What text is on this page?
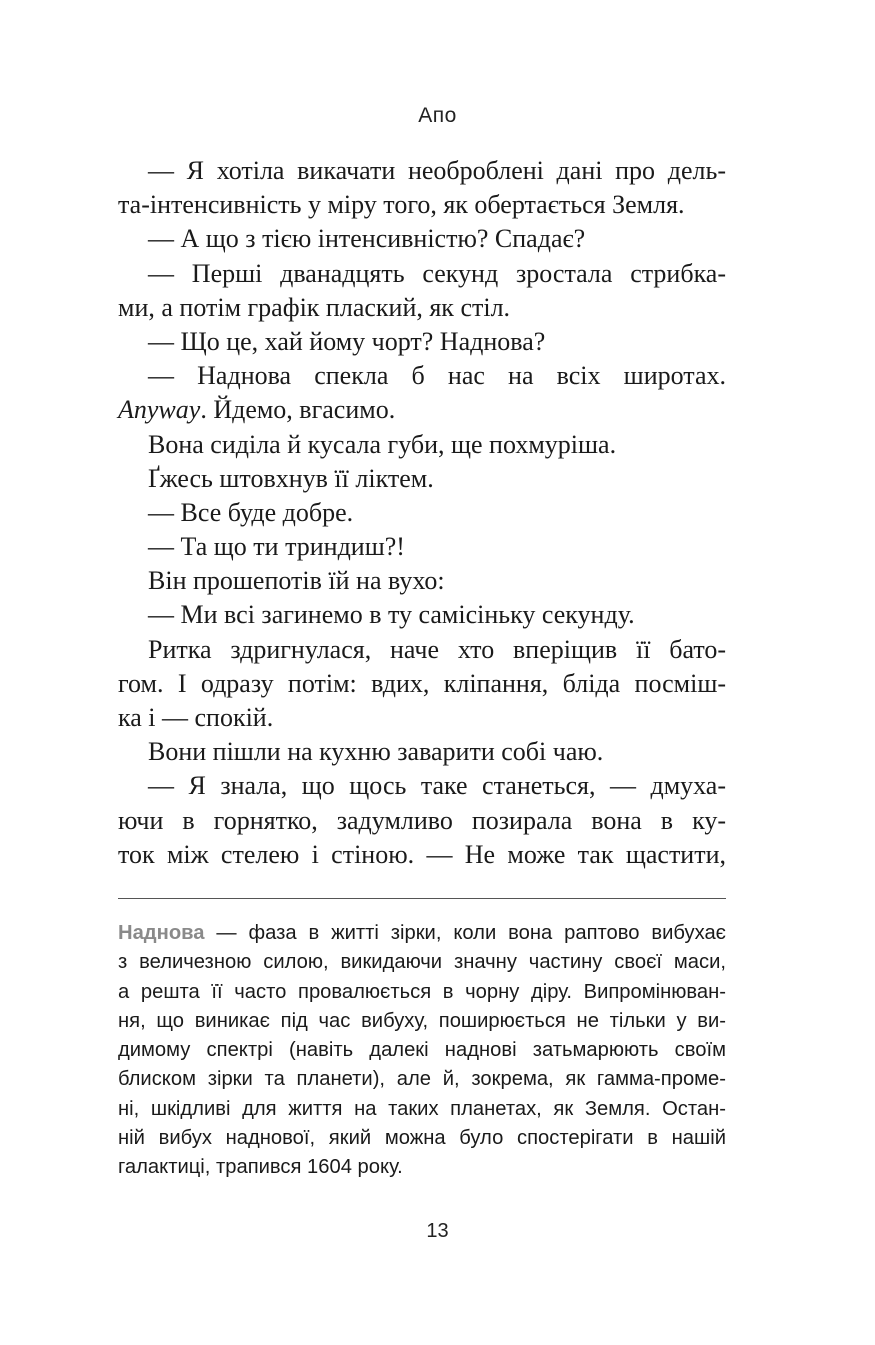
Апо
— Я хотіла викачати необроблені дані про дель-
та-інтенсивність у міру того, як обертається Земля.
— А що з тією інтенсивністю? Спадає?
— Перші дванадцять секунд зростала стрибка-
ми, а потім графік плаский, як стіл.
— Що це, хай йому чорт? Наднова?
— Наднова спекла б нас на всіх широтах.
Anyway. Йдемо, вгасимо.
Вона сиділа й кусала губи, ще похмуріша.
Ґжесь штовхнув її ліктем.
— Все буде добре.
— Та що ти триндиш?!
Він прошепотів їй на вухо:
— Ми всі загинемо в ту самісіньку секунду.
Ритка здригнулася, наче хто вперіщив її бато-
гом. І одразу потім: вдих, кліпання, бліда посміш-
ка і — спокій.
Вони пішли на кухню заварити собі чаю.
— Я знала, що щось таке станеться, — дмуха-
ючи в горнятко, задумливо позирала вона в ку-
ток між стелею і стіною. — Не може так щастити,
Наднова — фаза в житті зірки, коли вона раптово вибухає
з величезною силою, викидаючи значну частину своєї маси,
а решта її часто провалюється в чорну діру. Випромінюван-
ня, що виникає під час вибуху, поширюється не тільки у ви-
димому спектрі (навіть далекі наднові затьмарюють своїм
блиском зірки та планети), але й, зокрема, як гамма-проме-
ні, шкідливі для життя на таких планетах, як Земля. Остан-
ній вибух наднової, який можна було спостерігати в нашій
галактиці, трапився 1604 року.
13
